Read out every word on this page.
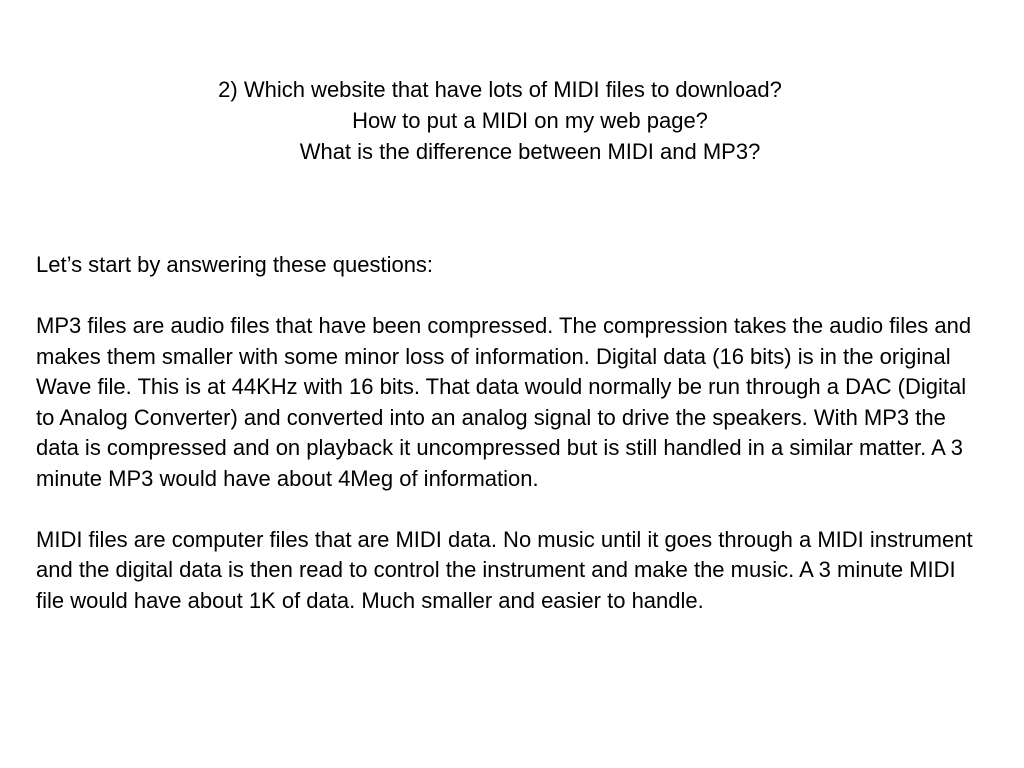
2) Which website that have lots of MIDI files to download?
How to put a MIDI on my web page?
What is the difference between MIDI and MP3?

Let’s start by answering these questions:

MP3 files are audio files that have been compressed. The compression takes the audio files and makes them smaller with some minor loss of information. Digital data (16 bits) is in the original Wave file. This is at 44KHz with 16 bits. That data would normally be run through a DAC (Digital to Analog Converter) and converted into an analog signal to drive the speakers. With MP3 the data is compressed and on playback it uncompressed but is still handled in a similar matter. A 3 minute MP3 would have about 4Meg of information.

MIDI files are computer files that are MIDI data. No music until it goes through a MIDI instrument and the digital data is then read to control the instrument and make the music. A 3 minute MIDI file would have about 1K of data. Much smaller and easier to handle.
